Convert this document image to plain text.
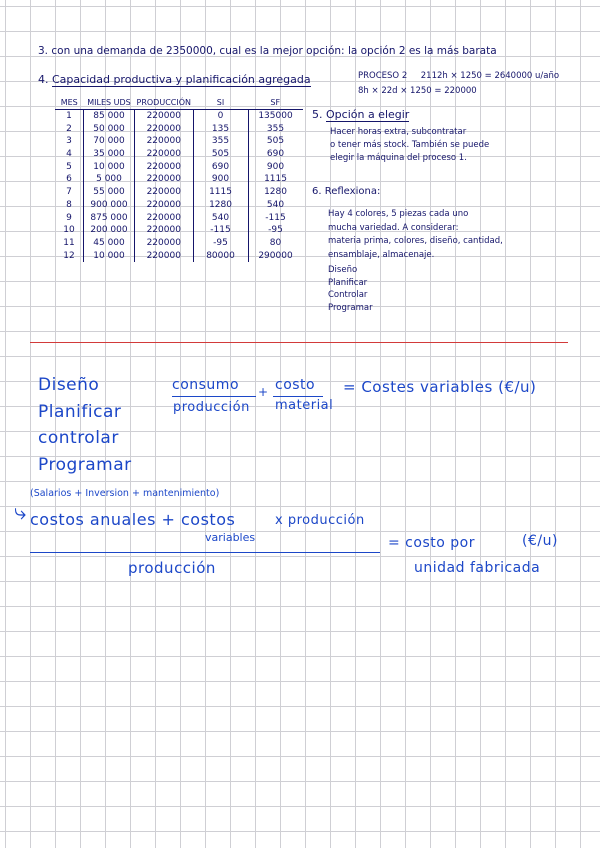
3. con una demanda de 2350000, cual es la mejor opción: la opción 2 es la más barata
4. Capacidad productiva y planificación agregada	PROCESO 2 2112h × 1250 = 2640000 u/año
8h × 22d × 1250 = 220000
MES	MILES UDS	PRODUCCIÓN	SI	SF
1	85 000	220000	0	135000
2	50 000	220000	135	355
3	70 000	220000	355	505
4	35 000	220000	505	690
5	10 000	220000	690	900
6	5 000	220000	900	1115
7	55 000	220000	1115	1280
8	900 000	220000	1280	540
9	875 000	220000	540	-115
10	200 000	220000	-115	-95
11	45 000	220000	-95	80
12	10 000	220000	80000	290000
5. Opción a elegir
Hacer horas extra, subcontratar
o tener más stock. También se puede
elegir la máquina del proceso 1.
6. Reflexiona:
Hay 4 colores, 5 piezas cada uno
mucha variedad. A considerar:
materia prima, colores, diseño, cantidad,
ensamblaje, almacenaje.
Diseño
Planificar
Controlar
Programar
Diseño
Planificar
controlar
Programar
consumo
producción
+ costo
material
= Costes variables (€/u)
⤷
(Salarios + Inversion + mantenimiento)
costos anuales + costos	x producción
variables
producción
= costo por	(€/u)
unidad fabricada
